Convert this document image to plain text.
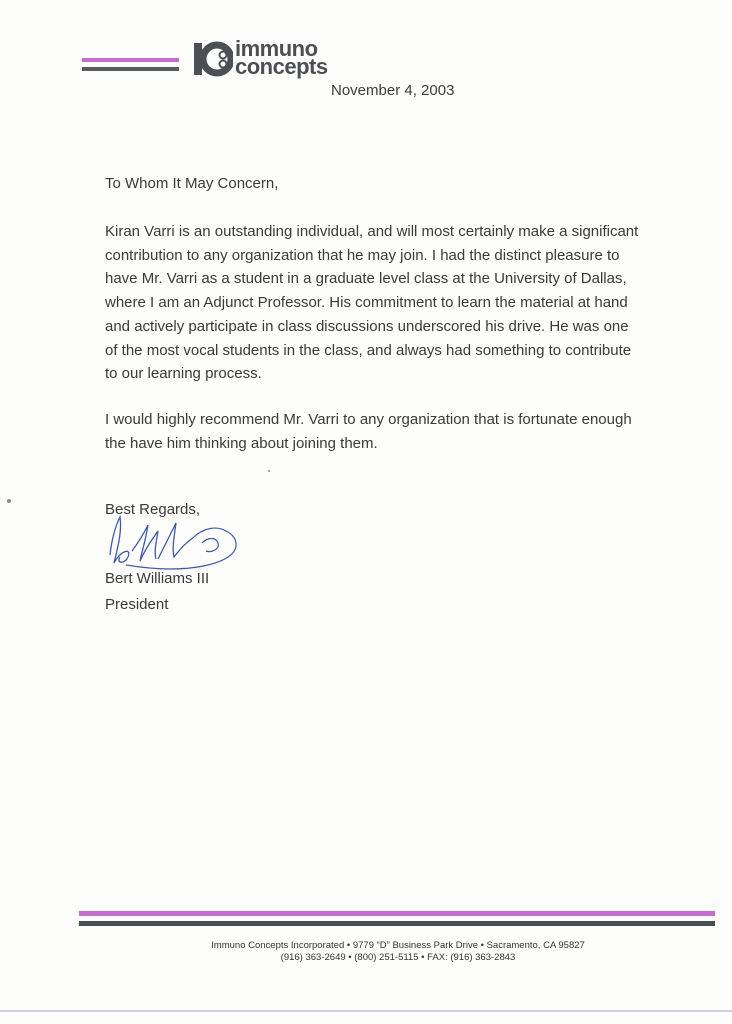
immuno
concepts
November 4, 2003
To Whom It May Concern,

Kiran Varri is an outstanding individual, and will most certainly make a significant
contribution to any organization that he may join. I had the distinct pleasure to
have Mr. Varri as a student in a graduate level class at the University of Dallas,
where I am an Adjunct Professor. His commitment to learn the material at hand
and actively participate in class discussions underscored his drive. He was one
of the most vocal students in the class, and always had something to contribute
to our learning process.

I would highly recommend Mr. Varri to any organization that is fortunate enough
the have him thinking about joining them.

Best Regards,
Bert Williams III
President
Immuno Concepts Incorporated • 9779 “D” Business Park Drive • Sacramento, CA 95827
(916) 363-2649 • (800) 251-5115 • FAX: (916) 363-2843
